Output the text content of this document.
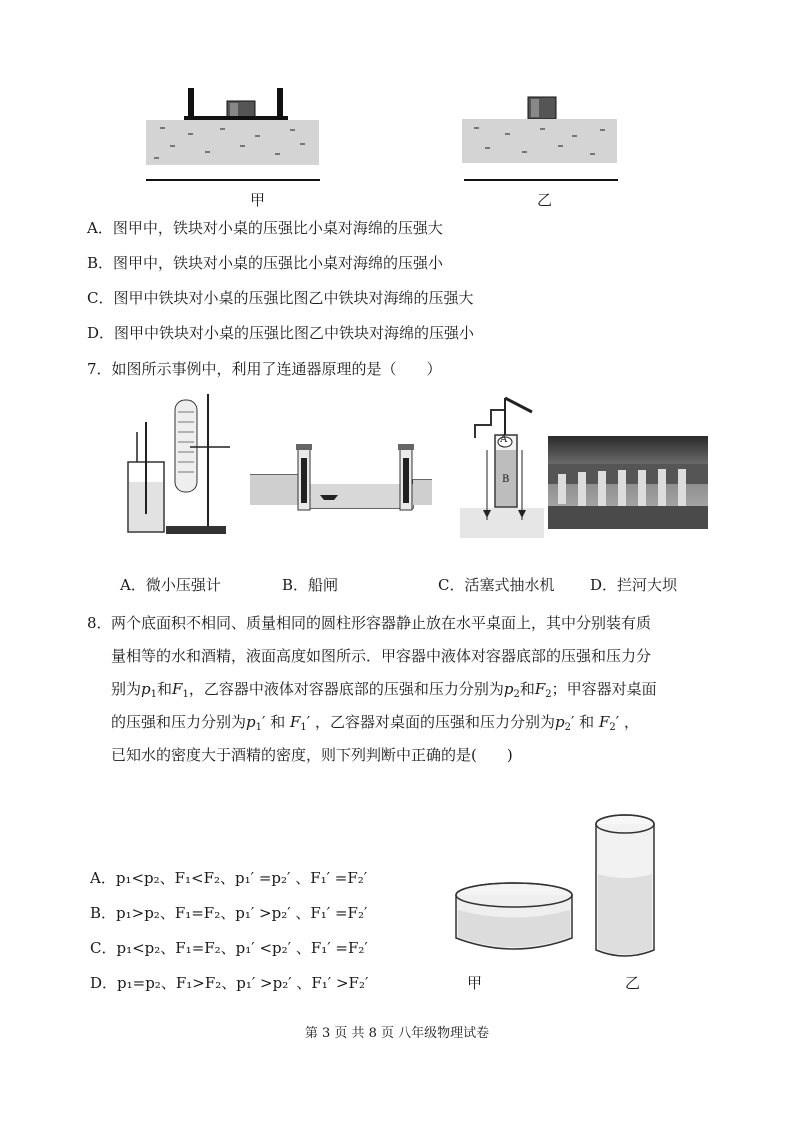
甲	乙
A．图甲中，铁块对小桌的压强比小桌对海绵的压强大
B．图甲中，铁块对小桌的压强比小桌对海绵的压强小
C．图甲中铁块对小桌的压强比图乙中铁块对海绵的压强大
D．图甲中铁块对小桌的压强比图乙中铁块对海绵的压强小
7．如图所示事例中，利用了连通器原理的是（　　）
A
B
A．微小压强计	B．船闸	C．活塞式抽水机 D．拦河大坝
8． 两个底面积不相同、质量相同的圆柱形容器静止放在水平桌面上，其中分别装有质
量相等的水和酒精，液面高度如图所示．甲容器中液体对容器底部的压强和压力分
别为$p_1$和$F_1$，乙容器中液体对容器底部的压强和压力分别为$p_2$和$F_2$；甲容器对桌面
的压强和压力分别为$p_1'$ 和 $F_1'$ ，乙容器对桌面的压强和压力分别为$p_2'$ 和 $F_2'$ ，
已知水的密度大于酒精的密度，则下列判断中正确的是(　　)
A．p₁<p₂、F₁<F₂、p₁′ =p₂′ 、F₁′ =F₂′
B．p₁>p₂、F₁=F₂、p₁′ >p₂′ 、F₁′ =F₂′
C．p₁<p₂、F₁=F₂、p₁′ <p₂′ 、F₁′ =F₂′
D．p₁=p₂、F₁>F₂、p₁′ >p₂′ 、F₁′ >F₂′	甲	乙
第 3 页 共 8 页 八年级物理试卷
